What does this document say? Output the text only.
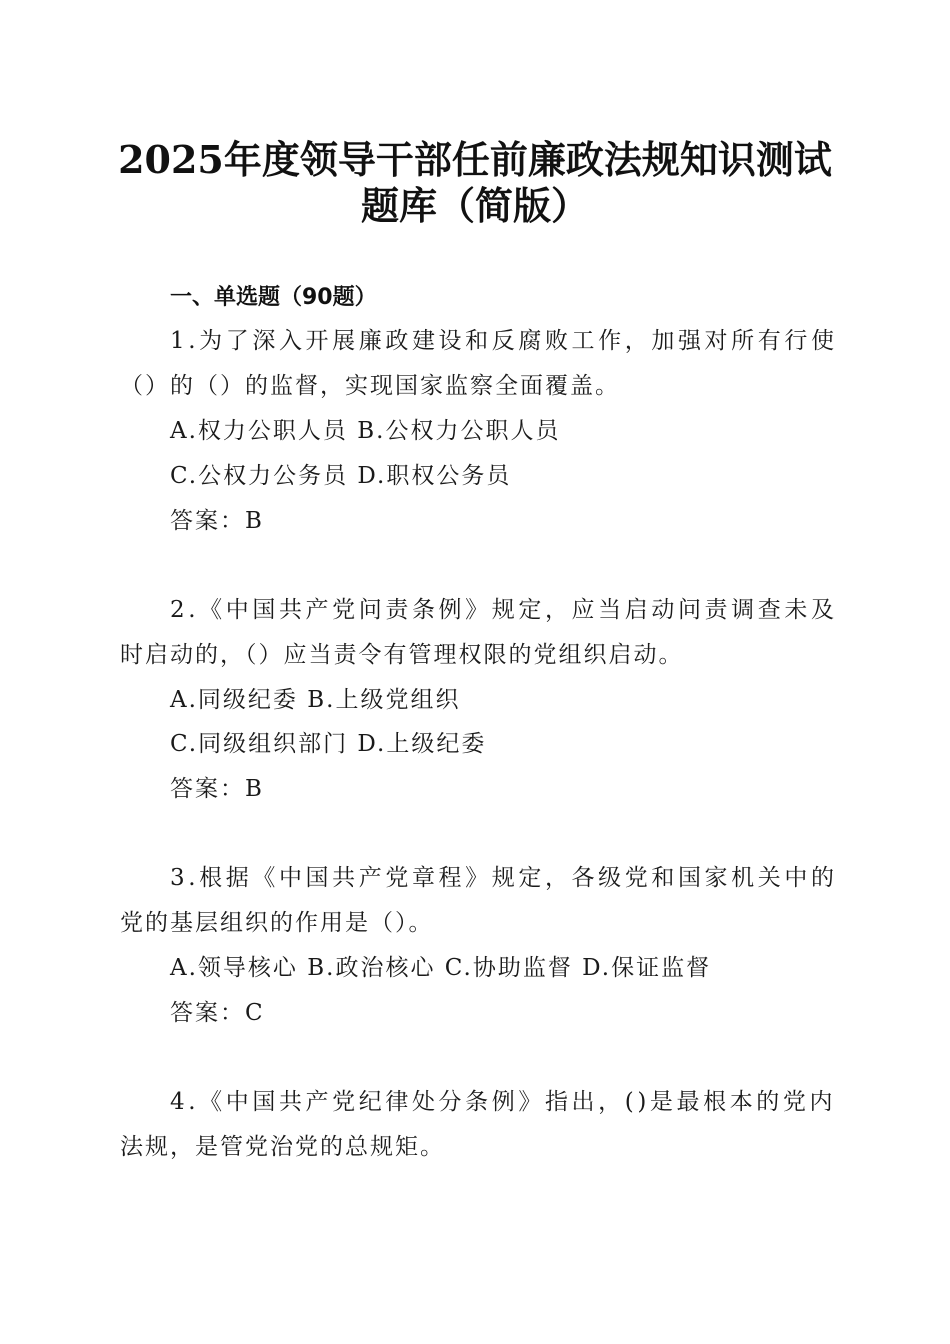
2025年度领导干部任前廉政法规知识测试题库（简版）
一、单选题（90题）
1.为了深入开展廉政建设和反腐败工作，加强对所有行使
（）的（）的监督，实现国家监察全面覆盖。
A.权力公职人员 B.公权力公职人员
C.公权力公务员 D.职权公务员
答案：B
2.《中国共产党问责条例》规定，应当启动问责调查未及
时启动的，（）应当责令有管理权限的党组织启动。
A.同级纪委 B.上级党组织
C.同级组织部门 D.上级纪委
答案：B
3.根据《中国共产党章程》规定，各级党和国家机关中的
党的基层组织的作用是（）。
A.领导核心 B.政治核心 C.协助监督 D.保证监督
答案：C
4.《中国共产党纪律处分条例》指出，()是最根本的党内
法规，是管党治党的总规矩。
